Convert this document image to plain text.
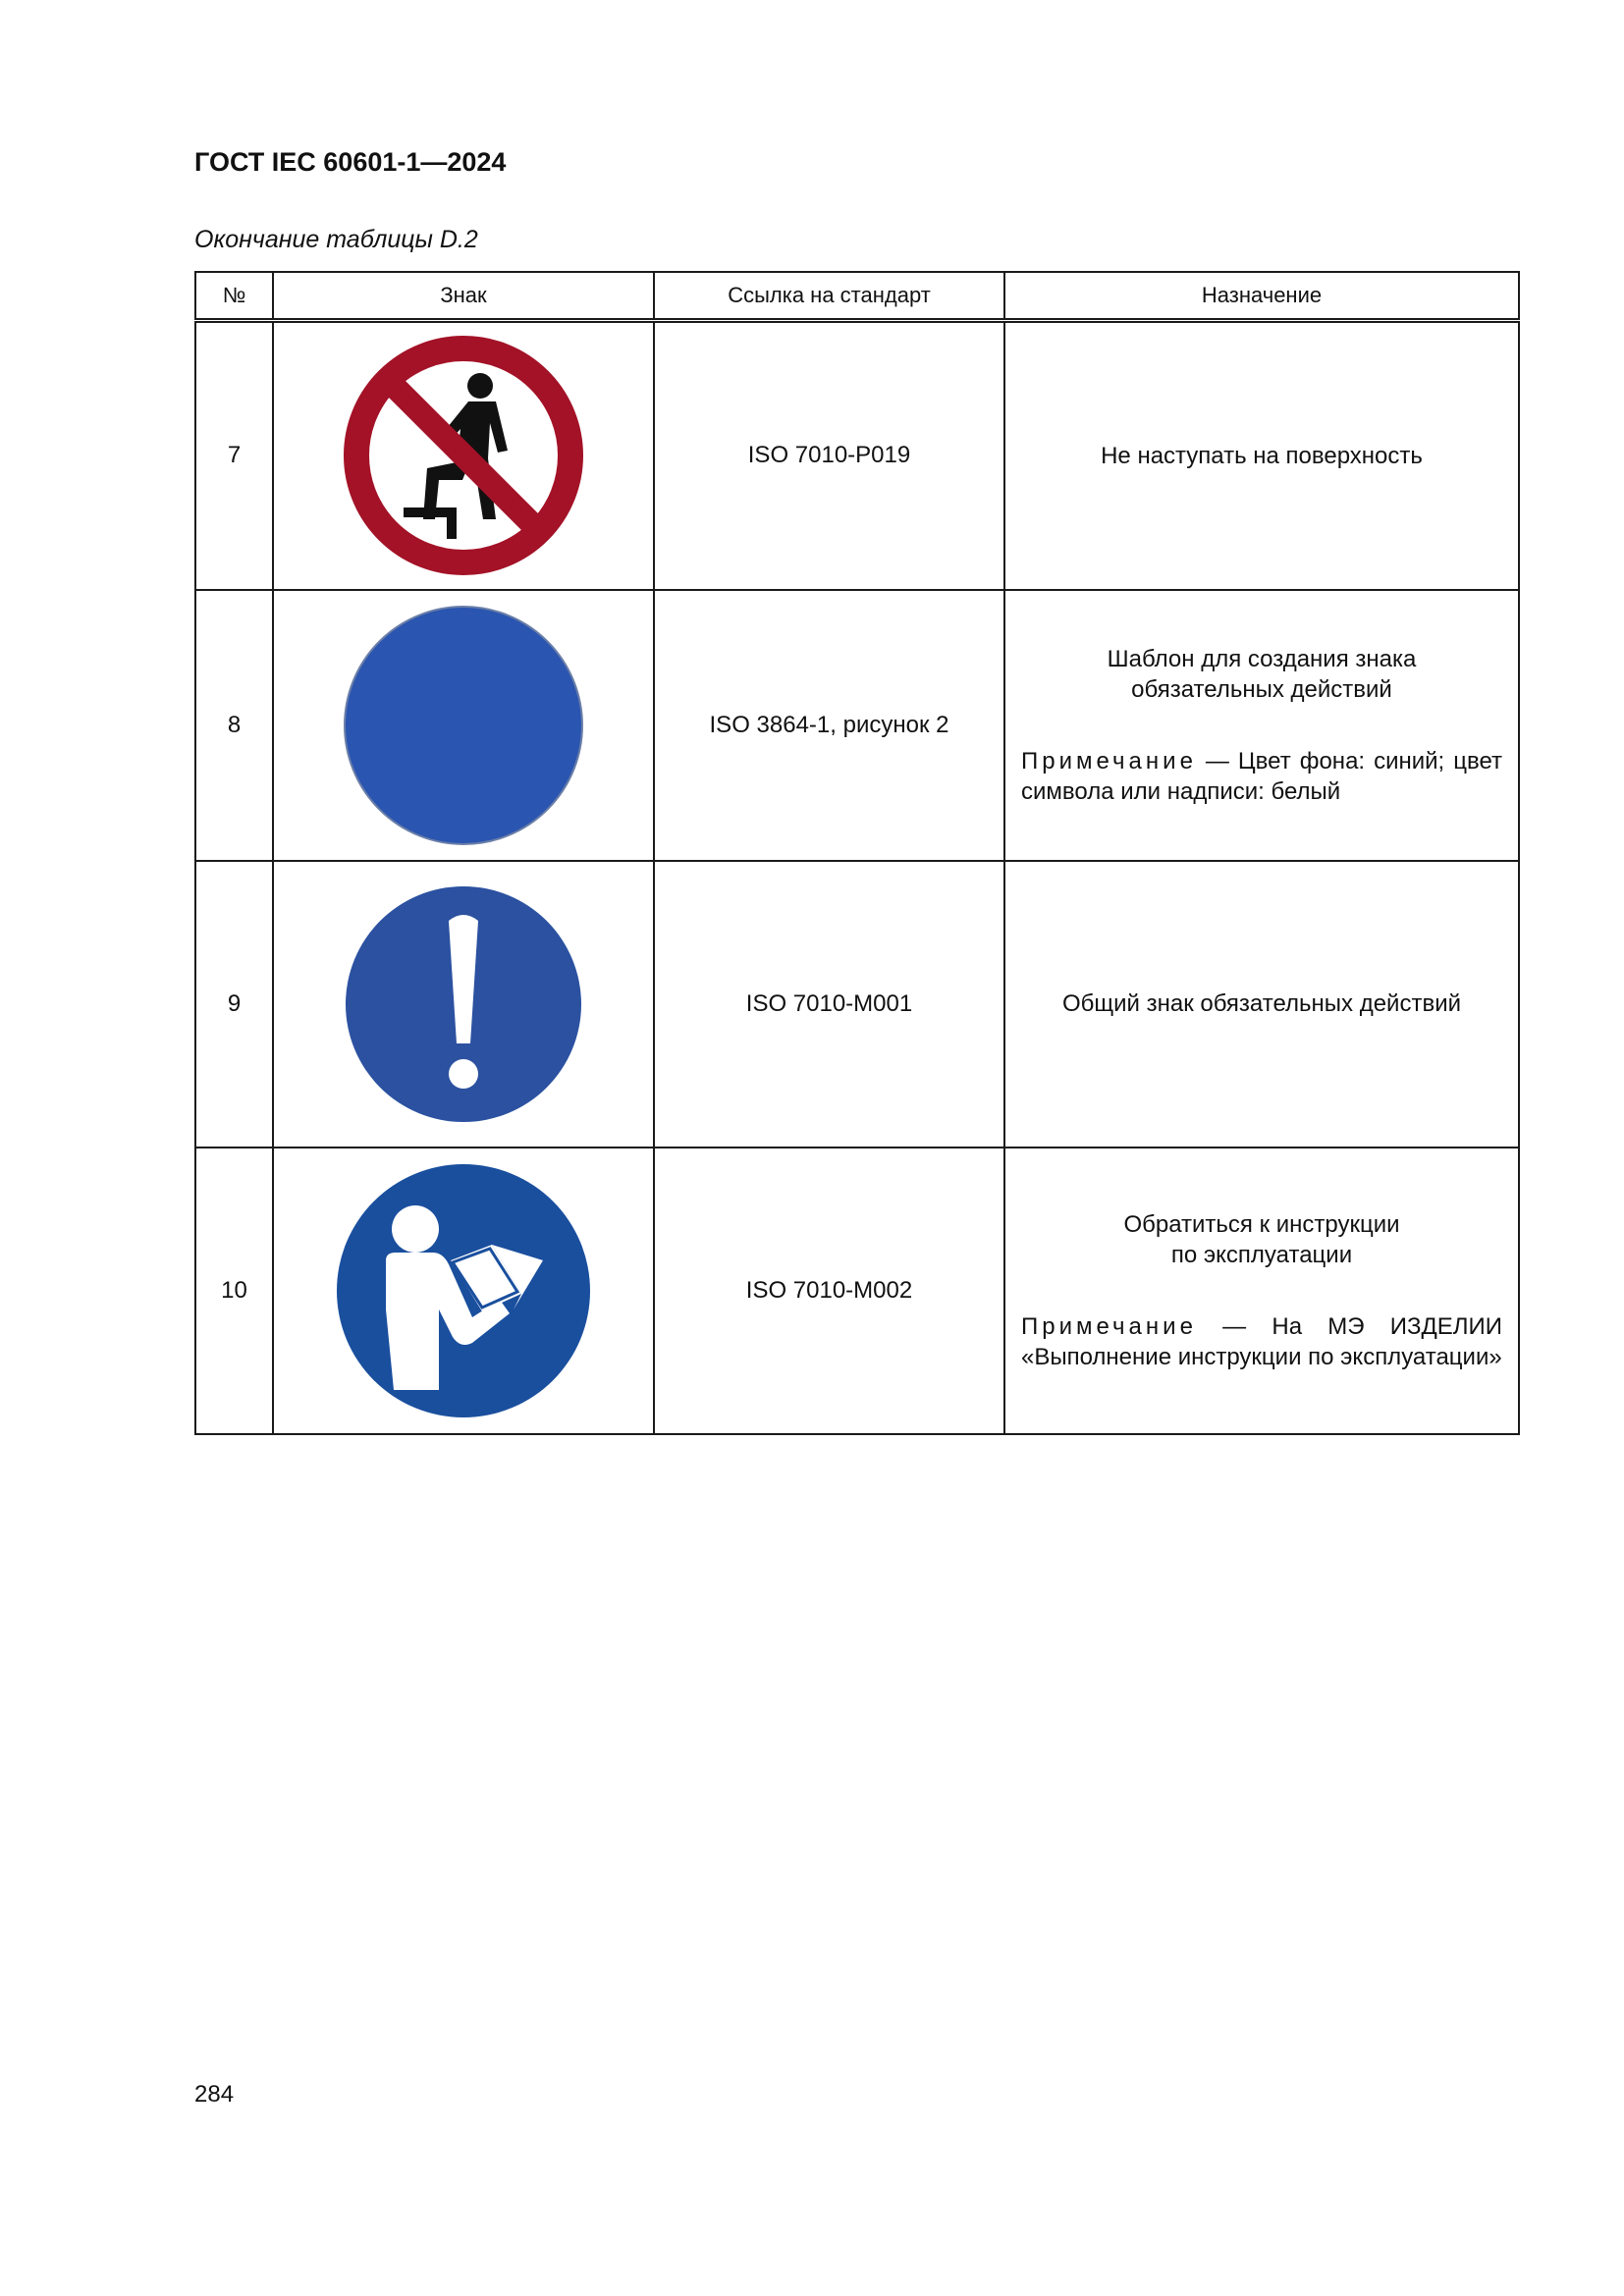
ГОСТ IEC 60601-1—2024
Окончание таблицы D.2
№	Знак	Ссылка на стандарт	Назначение
7		ISO 7010-P019	Не наступать на поверхность

8		ISO 3864-1, рисунок 2	Шаблон для создания знака обязательных действий
Примечание — Цвет фона: синий; цвет символа или надписи: белый

9		ISO 7010-M001	Общий знак обязательных действий

10		ISO 7010-M002	Обратиться к инструкции по эксплуатации
Примечание — На МЭ ИЗДЕЛИИ «Выполнение инструкции по эксплуатации»
284
